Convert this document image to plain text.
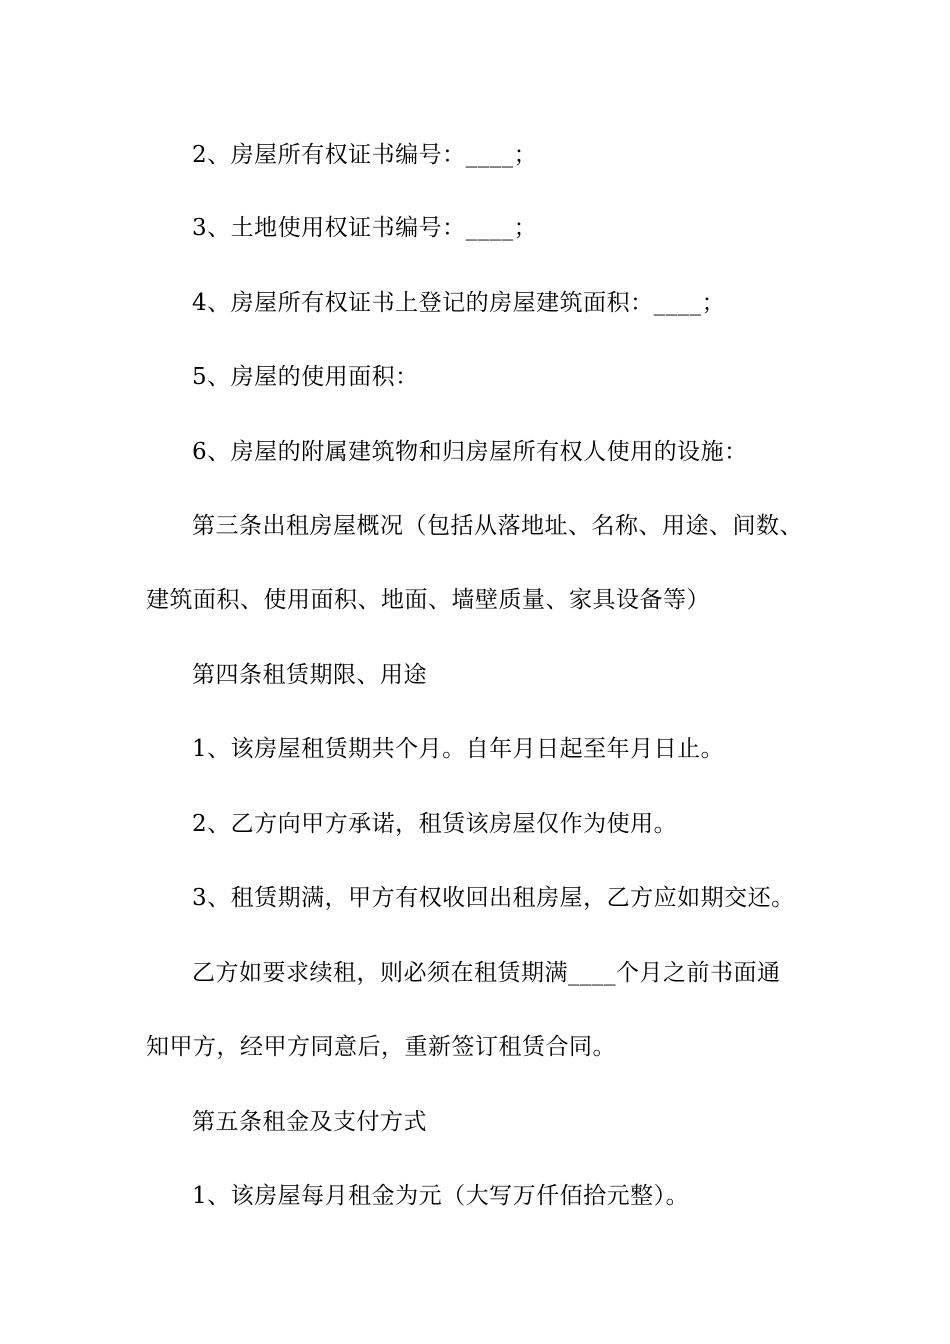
2、房屋所有权证书编号：____；
3、土地使用权证书编号：____；
4、房屋所有权证书上登记的房屋建筑面积：____；
5、房屋的使用面积：
6、房屋的附属建筑物和归房屋所有权人使用的设施：
第三条出租房屋概况（包括从落地址、名称、用途、间数、
建筑面积、使用面积、地面、墙壁质量、家具设备等）
第四条租赁期限、用途
1、该房屋租赁期共个月。自年月日起至年月日止。
2、乙方向甲方承诺，租赁该房屋仅作为使用。
3、租赁期满，甲方有权收回出租房屋，乙方应如期交还。
乙方如要求续租，则必须在租赁期满____个月之前书面通
知甲方，经甲方同意后，重新签订租赁合同。
第五条租金及支付方式
1、该房屋每月租金为元（大写万仟佰拾元整）。
